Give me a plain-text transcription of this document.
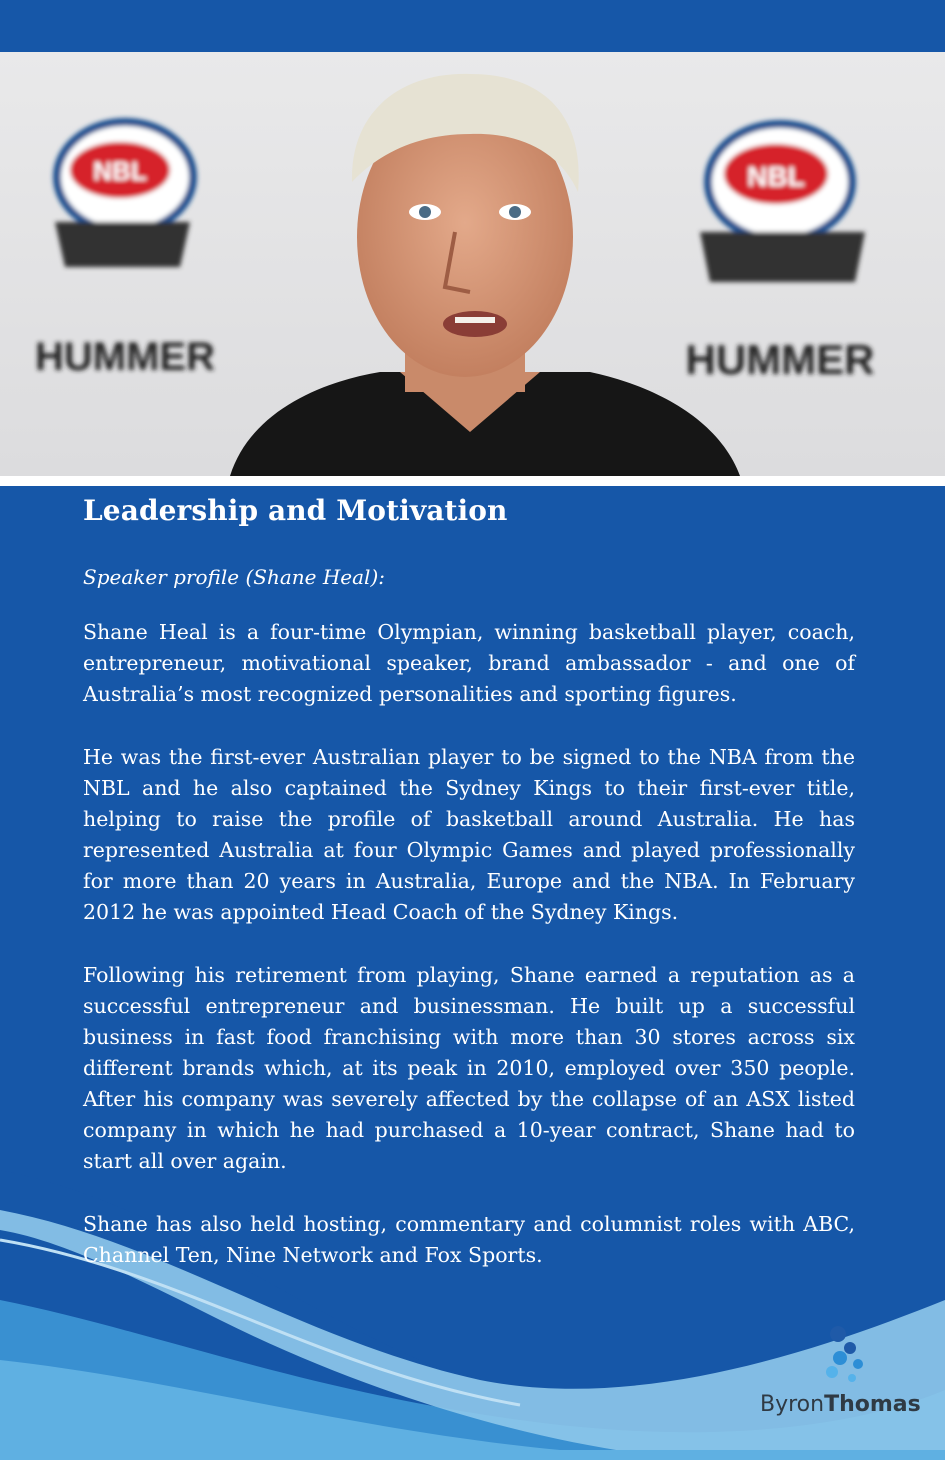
NBL
HUMMER
NBL
HUMMER
Leadership and Motivation

Speaker profile (Shane Heal):

Shane Heal is a four-time Olympian, winning basketball player, coach, entrepreneur, motivational speaker, brand ambassador - and one of Australia’s most recognized personalities and sporting figures.

He was the first-ever Australian player to be signed to the NBA from the NBL and he also captained the Sydney Kings to their first-ever title, helping to raise the profile of basketball around Australia. He has represented Australia at four Olympic Games and played professionally for more than 20 years in Australia, Europe and the NBA. In February 2012 he was appointed Head Coach of the Sydney Kings.

Following his retirement from playing, Shane earned a reputation as a successful entrepreneur and businessman. He built up a successful business in fast food franchising with more than 30 stores across six different brands which, at its peak in 2010, employed over 350 people. After his company was severely affected by the collapse of an ASX listed company in which he had purchased a 10-year contract, Shane had to start all over again.

Shane has also held hosting, commentary and columnist roles with ABC, Channel Ten, Nine Network and Fox Sports.

ByronThomas
